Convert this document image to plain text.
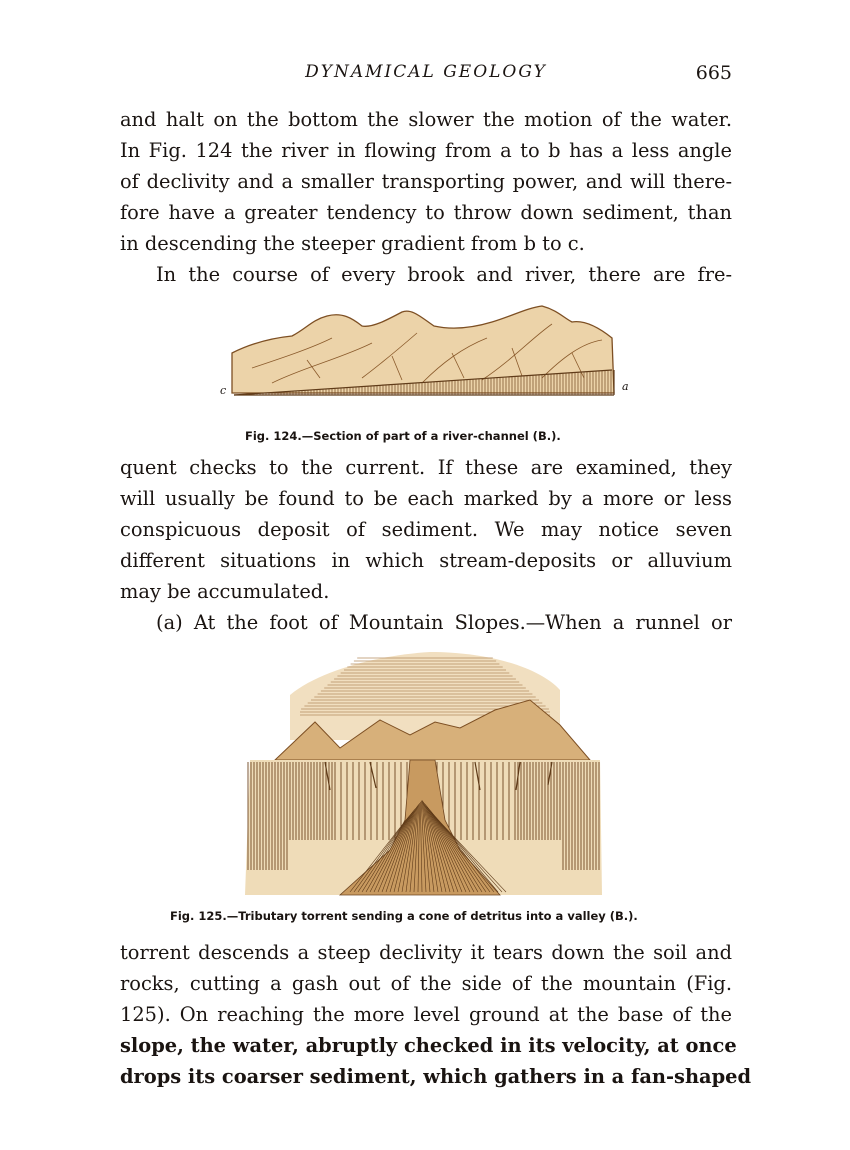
DYNAMICAL GEOLOGY	665
and halt on the bottom the slower the motion of the water.
In Fig. 124 the river in flowing from a to b has a less angle
of declivity and a smaller transporting power, and will there-
fore have a greater tendency to throw down sediment, than
in descending the steeper gradient from b to c.
In the course of every brook and river, there are fre-
c	a
Fig. 124.—Section of part of a river-channel (B.).
quent checks to the current. If these are examined, they
will usually be found to be each marked by a more or less
conspicuous deposit of sediment. We may notice seven
different situations in which stream-deposits or alluvium
may be accumulated.
(a) At the foot of Mountain Slopes.—When a runnel or
Fig. 125.—Tributary torrent sending a cone of detritus into a valley (B.).
torrent descends a steep declivity it tears down the soil and
rocks, cutting a gash out of the side of the mountain (Fig.
125). On reaching the more level ground at the base of the
slope, the water, abruptly checked in its velocity, at once
drops its coarser sediment, which gathers in a fan-shaped
